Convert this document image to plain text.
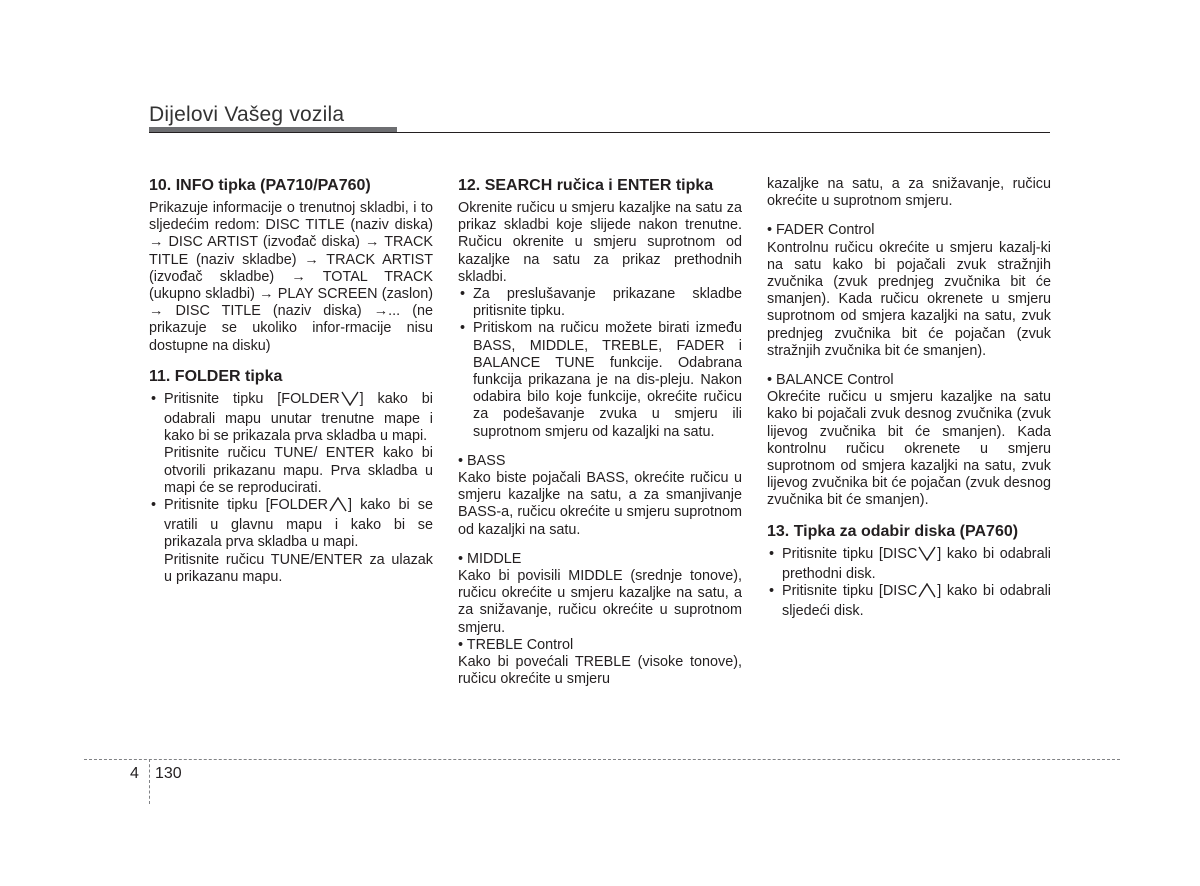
Dijelovi Vašeg vozila
10. INFO tipka (PA710/PA760)

Prikazuje informacije o trenutnoj skladbi, i to sljedećim redom: DISC TITLE (naziv diska) → DISC ARTIST (izvođač diska) → TRACK TITLE (naziv skladbe) → TRACK ARTIST (izvođač skladbe) → TOTAL TRACK (ukupno skladbi) → PLAY SCREEN (zaslon) → DISC TITLE (naziv diska) →... (ne prikazuje se ukoliko infor-rmacije nisu dostupne na disku)

11. FOLDER tipka
• Pritisnite tipku [FOLDER ] kako bi odabrali mapu unutar trenutne mape i kako bi se prikazala prva skladba u mapi.

Pritisnite ručicu TUNE/ ENTER kako bi otvorili prikazanu mapu. Prva skladba u mapi će se reproducirati.

• Pritisnite tipku [FOLDER ] kako bi se vratili u glavnu mapu i kako bi se prikazala prva skladba u mapi.

Pritisnite ručicu TUNE/ENTER za ulazak u prikazanu mapu.

12. SEARCH ručica i ENTER tipka

Okrenite ručicu u smjeru kazaljke na satu za prikaz skladbi koje slijede nakon trenutne. Ručicu okrenite u smjeru suprotnom od kazaljke na satu za prikaz prethodnih skladbi.

• Za preslušavanje prikazane skladbe pritisnite tipku.
• Pritiskom na ručicu možete birati između BASS, MIDDLE, TREBLE, FADER i BALANCE TUNE funkcije. Odabrana funkcija prikazana je na dis-pleju. Nakon odabira bilo koje funkcije, okrećite ručicu za podešavanje zvuka u smjeru ili suprotnom smjeru od kazaljki na satu.
• BASS

Kako biste pojačali BASS, okrećite ručicu u smjeru kazaljke na satu, a za smanjivanje BASS-a, ručicu okrećite u smjeru suprotnom od kazaljki na satu.

• MIDDLE

Kako bi povisili MIDDLE (srednje tonove), ručicu okrećite u smjeru kazaljke na satu, a za snižavanje, ručicu okrećite u suprotnom smjeru.

• TREBLE Control

Kako bi povećali TREBLE (visoke tonove), ručicu okrećite u smjeru

kazaljke na satu, a za snižavanje, ručicu okrećite u suprotnom smjeru.

• FADER Control

Kontrolnu ručicu okrećite u smjeru kazalj-ki na satu kako bi pojačali zvuk stražnjih zvučnika (zvuk prednjeg zvučnika bit će smanjen). Kada ručicu okrenete u smjeru suprotnom od smjera kazaljki na satu, zvuk prednjeg zvučnika bit će pojačan (zvuk stražnjih zvučnika bit će smanjen).

• BALANCE Control

Okrećite ručicu u smjeru kazaljke na satu kako bi pojačali zvuk desnog zvučnika (zvuk lijevog zvučnika bit će smanjen). Kada kontrolnu ručicu okrenete u smjeru suprotnom od smjera kazaljki na satu, zvuk lijevog zvučnika bit će pojačan (zvuk desnog zvučnika bit će smanjen).

13. Tipka za odabir diska (PA760)
• Pritisnite tipku [DISC ] kako bi odabrali prethodni disk.
• Pritisnite tipku [DISC ] kako bi odabrali sljedeći disk.
4 130
